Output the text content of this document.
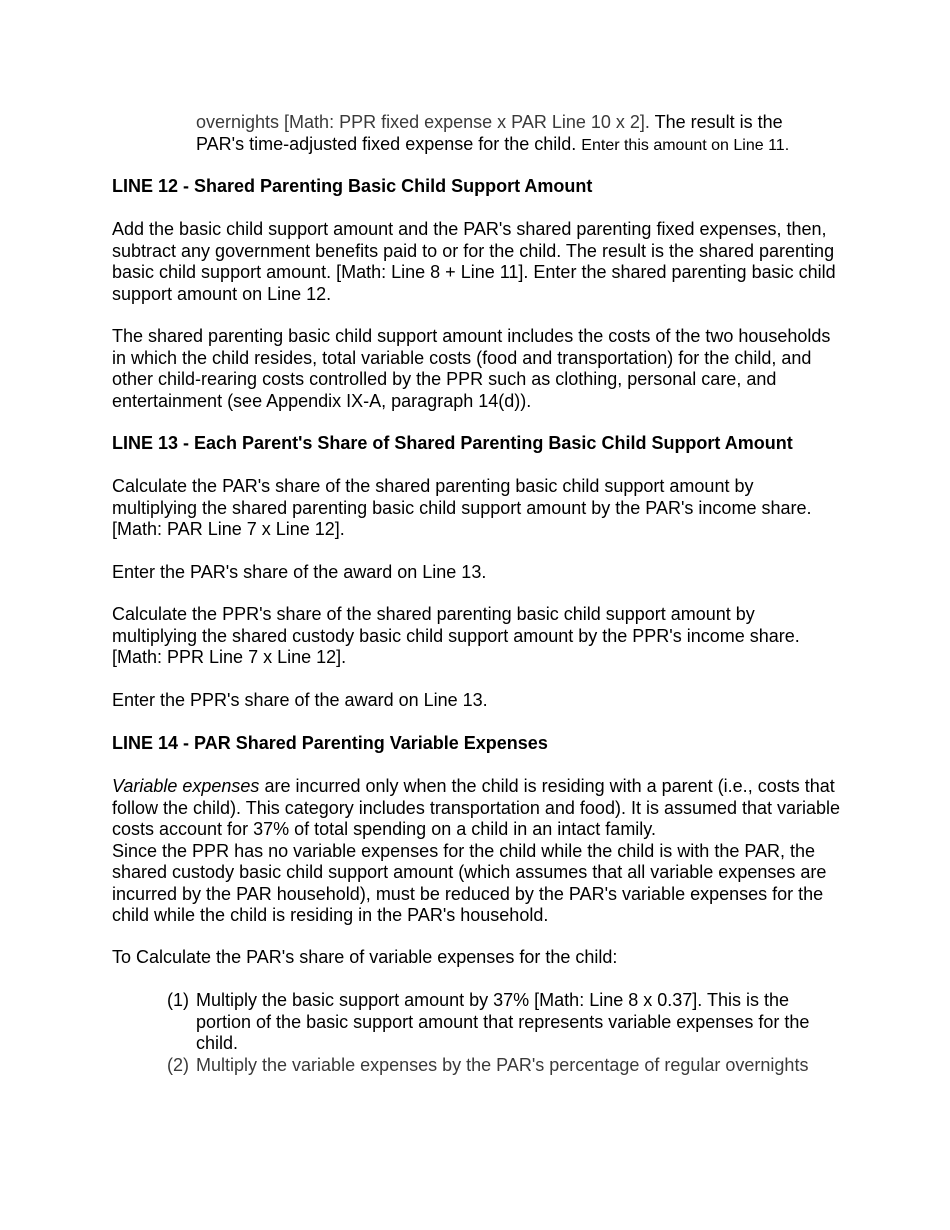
overnights [Math: PPR fixed expense x PAR Line 10 x 2]. The result is the
PAR's time-adjusted fixed expense for the child. Enter this amount on Line 11.

LINE 12 - Shared Parenting Basic Child Support Amount

Add the basic child support amount and the PAR's shared parenting fixed expenses, then, subtract any government benefits paid to or for the child. The result is the shared parenting basic child support amount. [Math: Line 8 + Line 11]. Enter the shared parenting basic child support amount on Line 12.

The shared parenting basic child support amount includes the costs of the two households in which the child resides, total variable costs (food and transportation) for the child, and other child-rearing costs controlled by the PPR such as clothing, personal care, and entertainment (see Appendix IX-A, paragraph 14(d)).

LINE 13 - Each Parent's Share of Shared Parenting Basic Child Support Amount

Calculate the PAR's share of the shared parenting basic child support amount by multiplying the shared parenting basic child support amount by the PAR's income share. [Math: PAR Line 7 x Line 12].

Enter the PAR's share of the award on Line 13.

Calculate the PPR's share of the shared parenting basic child support amount by multiplying the shared custody basic child support amount by the PPR's income share. [Math: PPR Line 7 x Line 12].

Enter the PPR's share of the award on Line 13.

LINE 14 - PAR Shared Parenting Variable Expenses

Variable expenses are incurred only when the child is residing with a parent (i.e., costs that follow the child). This category includes transportation and food). It is assumed that variable costs account for 37% of total spending on a child in an intact family.
Since the PPR has no variable expenses for the child while the child is with the PAR, the shared custody basic child support amount (which assumes that all variable expenses are incurred by the PAR household), must be reduced by the PAR's variable expenses for the child while the child is residing in the PAR's household.

To Calculate the PAR's share of variable expenses for the child:

(1) Multiply the basic support amount by 37% [Math: Line 8 x 0.37]. This is the portion of the basic support amount that represents variable expenses for the child.
(2) Multiply the variable expenses by the PAR's percentage of regular overnights
